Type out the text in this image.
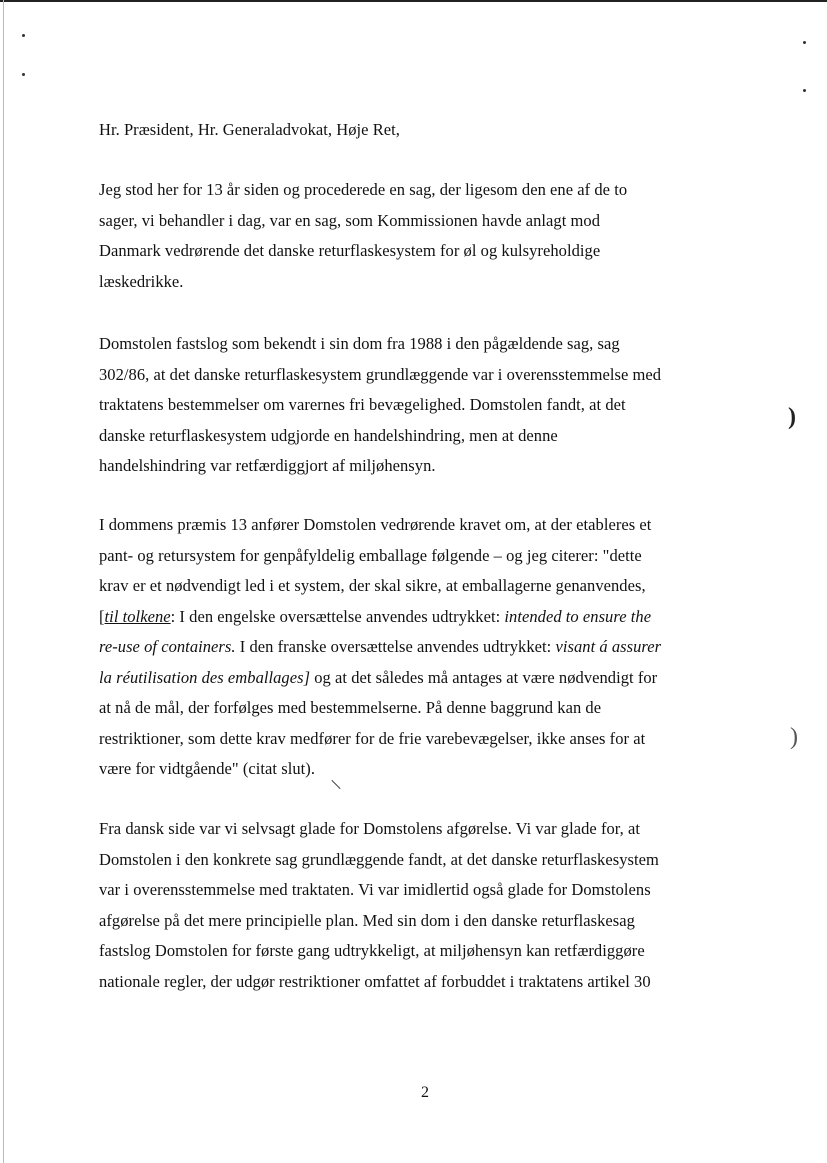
Hr. Præsident, Hr. Generaladvokat, Høje Ret,
Jeg stod her for 13 år siden og procederede en sag, der ligesom den ene af de to
sager, vi behandler i dag, var en sag, som Kommissionen havde anlagt mod
Danmark vedrørende det danske returflaskesystem for øl og kulsyreholdige
læskedrikke.
Domstolen fastslog som bekendt i sin dom fra 1988 i den pågældende sag, sag
302/86, at det danske returflaskesystem grundlæggende var i overensstemmelse med
traktatens bestemmelser om varernes fri bevægelighed. Domstolen fandt, at det
danske returflaskesystem udgjorde en handelshindring, men at denne
handelshindring var retfærdiggjort af miljøhensyn.
I dommens præmis 13 anfører Domstolen vedrørende kravet om, at der etableres et
pant- og retursystem for genpåfyldelig emballage følgende – og jeg citerer: "dette
krav er et nødvendigt led i et system, der skal sikre, at emballagerne genanvendes,
[til tolkene: I den engelske oversættelse anvendes udtrykket: intended to ensure the
re-use of containers. I den franske oversættelse anvendes udtrykket: visant á assurer
la réutilisation des emballages] og at det således må antages at være nødvendigt for
at nå de mål, der forfølges med bestemmelserne. På denne baggrund kan de
restriktioner, som dette krav medfører for de frie varebevægelser, ikke anses for at
være for vidtgående" (citat slut).
Fra dansk side var vi selvsagt glade for Domstolens afgørelse. Vi var glade for, at
Domstolen i den konkrete sag grundlæggende fandt, at det danske returflaskesystem
var i overensstemmelse med traktaten. Vi var imidlertid også glade for Domstolens
afgørelse på det mere principielle plan. Med sin dom i den danske returflaskesag
fastslog Domstolen for første gang udtrykkeligt, at miljøhensyn kan retfærdiggøre
nationale regler, der udgør restriktioner omfattet af forbuddet i traktatens artikel 30
)
)
2
